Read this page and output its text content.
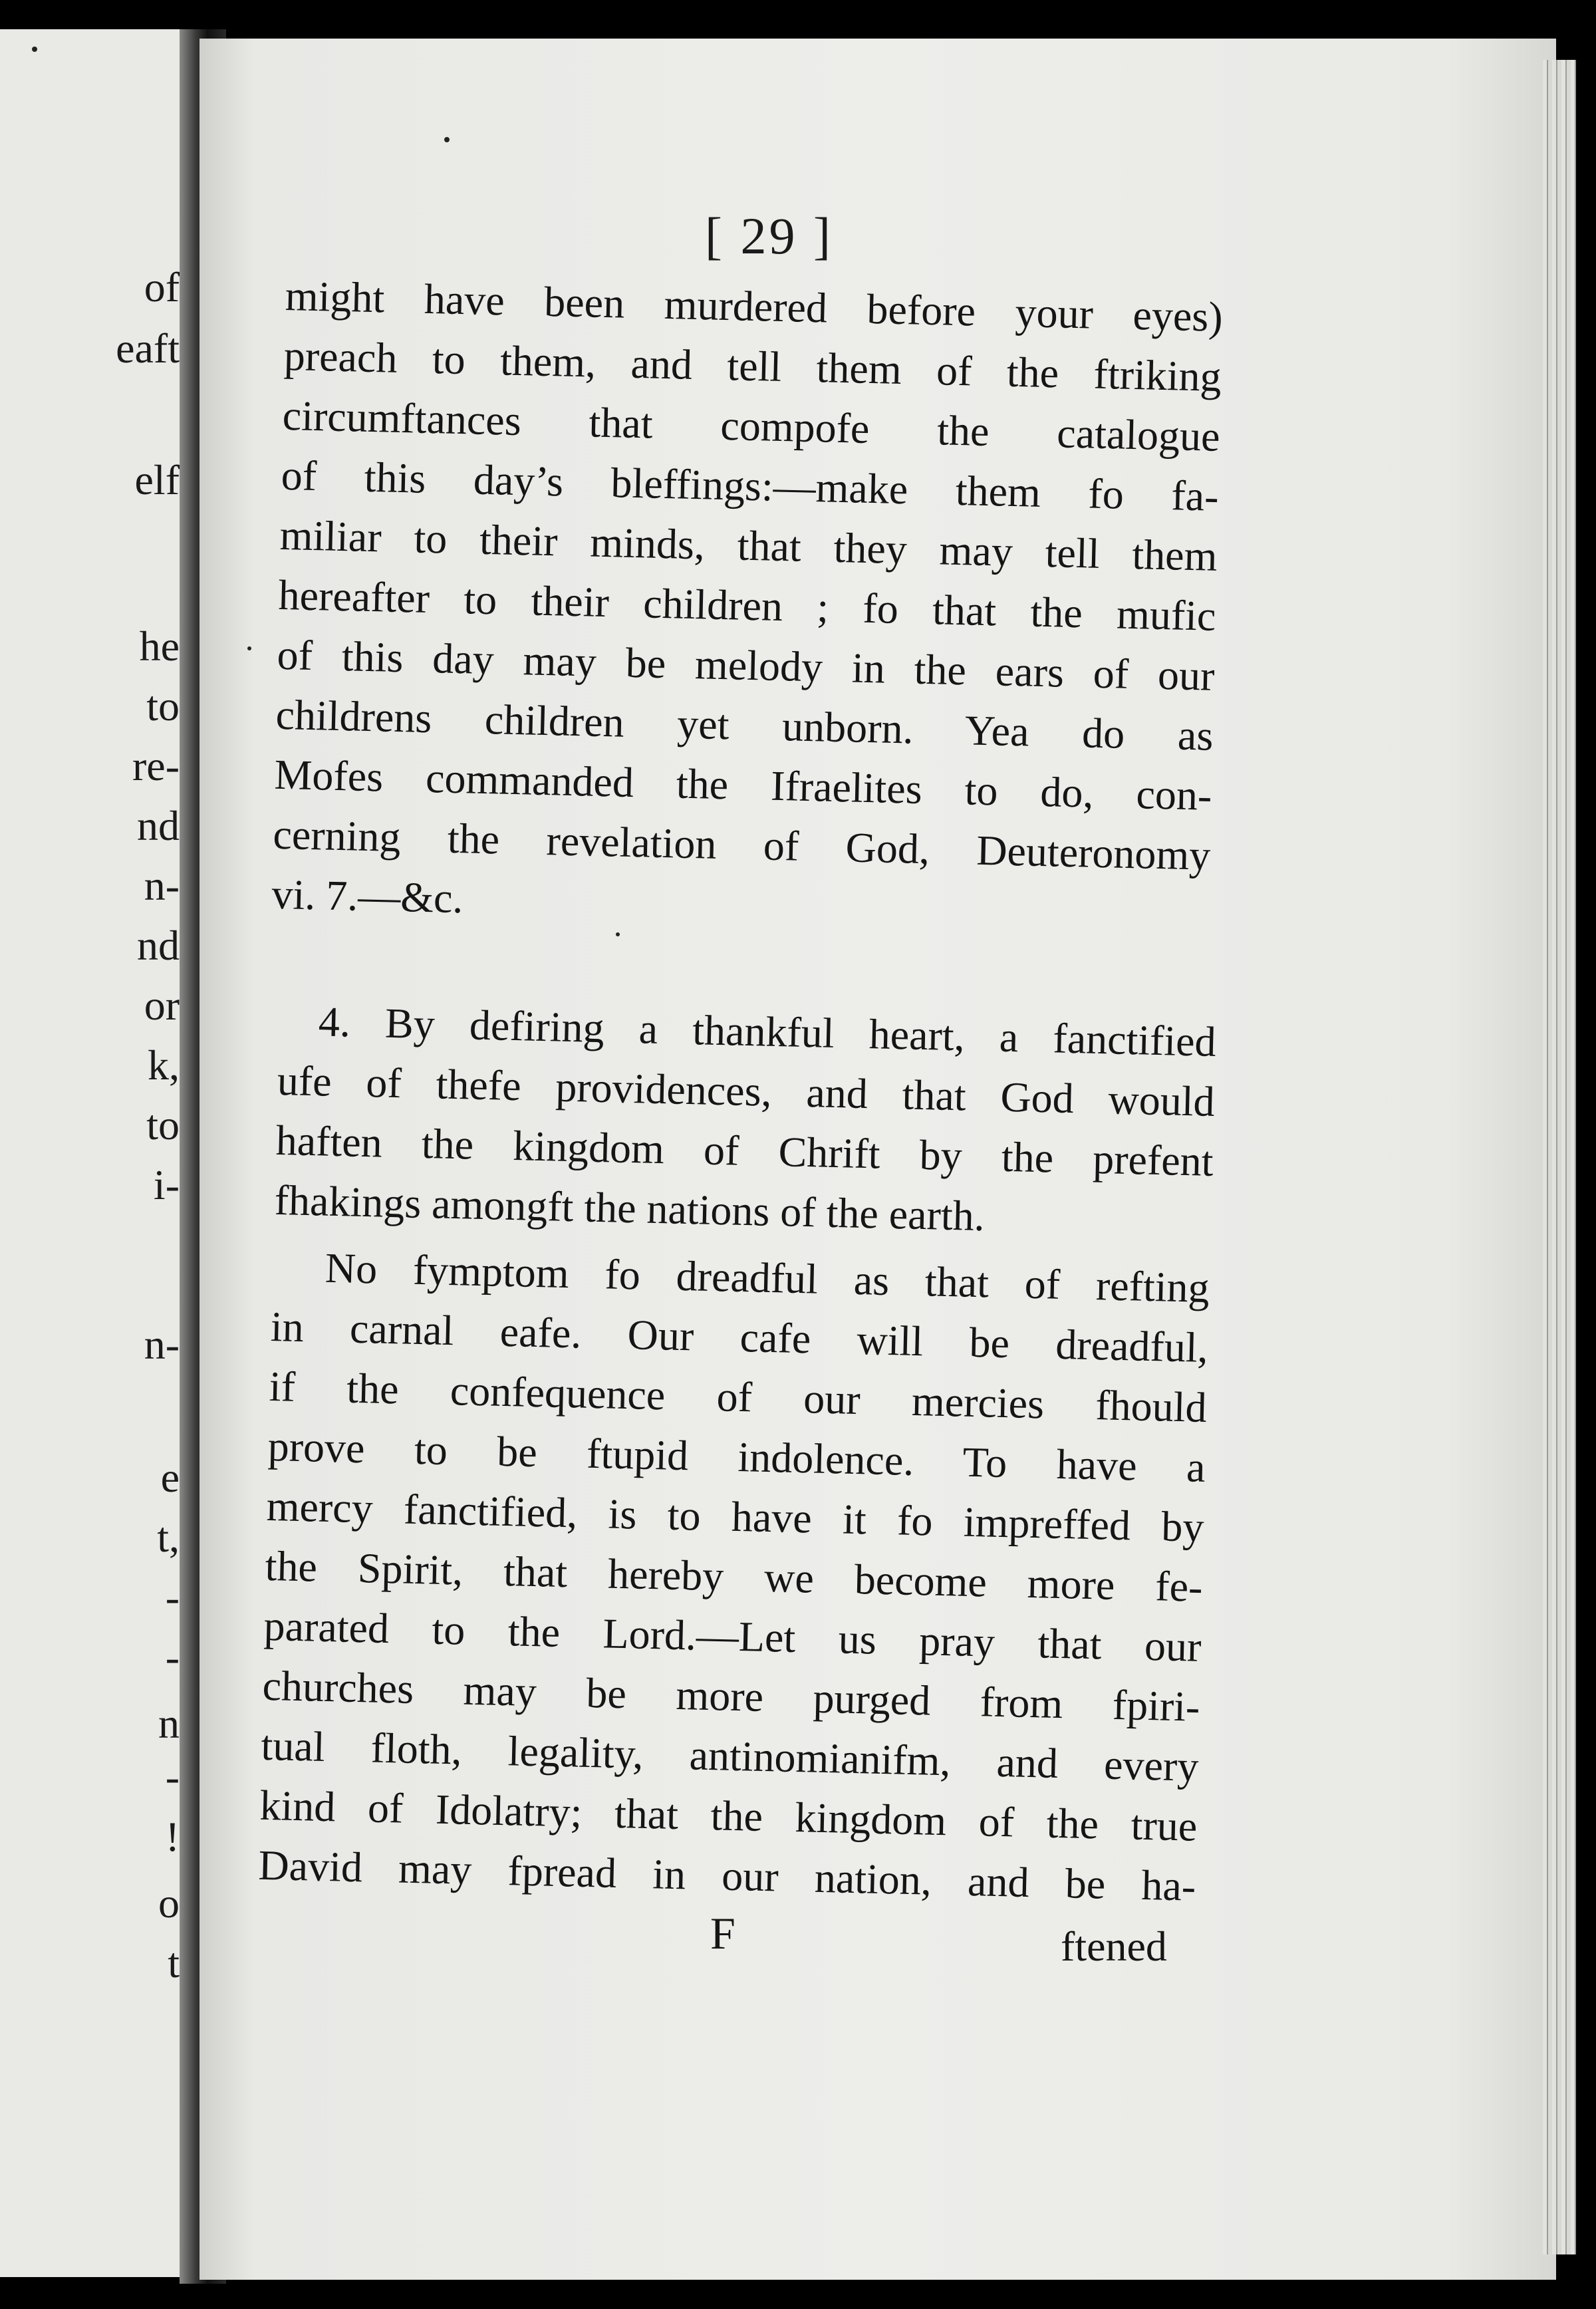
[ 29 ]
might have been murdered before your eyes)
preach to them, and tell them of the ftriking
circumftances that compofe the catalogue
of this day’s bleffings:—make them fo fa-
miliar to their minds, that they may tell them
hereafter to their children ; fo that the mufic
of this day may be melody in the ears of our
childrens children yet unborn. Yea do as
Mofes commanded the Ifraelites to do, con-
cerning the revelation of God, Deuteronomy
vi. 7.—&c.
4. By defiring a thankful heart, a fanctified
ufe of thefe providences, and that God would
haften the kingdom of Chrift by the prefent
fhakings amongft the nations of the earth.
No fymptom fo dreadful as that of refting
in carnal eafe. Our cafe will be dreadful,
if the confequence of our mercies fhould
prove to be ftupid indolence. To have a
mercy fanctified, is to have it fo impreffed by
the Spirit, that hereby we become more fe-
parated to the Lord.—Let us pray that our
churches may be more purged from fpiri-
tual floth, legality, antinomianifm, and every
kind of Idolatry; that the kingdom of the true
David may fpread in our nation, and be ha-
F	ftened
of
eaft
elf
he
to
re-
nd
n-
nd
or
k,
to
i-
n-
e
t,
-
-
n
-
!
o
t
